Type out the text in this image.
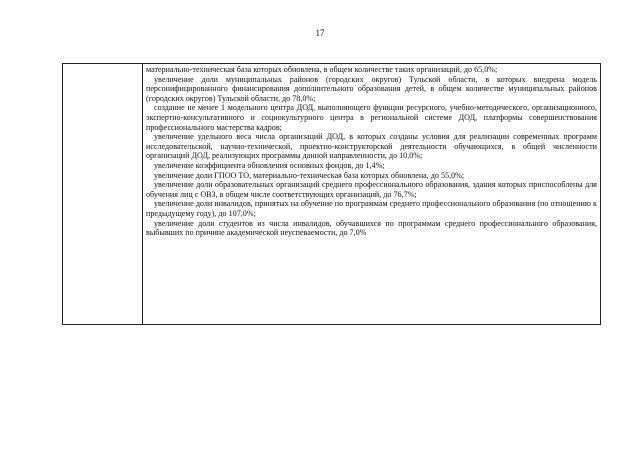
17

материально-техническая база которых обновлена, в общем количестве таких организаций, до 65,0%;

увеличение доли муниципальных районов (городских округов) Тульской области, в которых внедрена модель персонифицированного финансирования дополнительного образования детей, в общем количестве муниципальных районов (городских округов) Тульской области, до 78,0%;

создание не менее 1 модельного центра ДОД, выполняющего функции ресурсного, учебно-методического, организационного, экспертно-консультативного и социокультурного центра в региональной системе ДОД, платформы совершенствования профессионального мастерства кадров;

увеличение удельного веса числа организаций ДОД, в которых созданы условия для реализации современных программ исследовательской, научно-технической, проектно-конструкторской деятельности обучающихся, в общей численности организаций ДОД, реализующих программы данной направленности, до 10,0%;

увеличение коэффициента обновления основных фондов, до 1,4%;

увеличение доли ГПОО ТО, материально-техническая база которых обновлена, до 55,0%;

увеличение доли образовательных организаций среднего профессионального образования, здания которых приспособлены для обучения лиц с ОВЗ, в общем числе соответствующих организаций, до 76,7%;

увеличение доли инвалидов, принятых на обучение по программам среднего профессионального образования (по отношению к предыдущему году), до 107,0%;

увеличение доли студентов из числа инвалидов, обучавшихся по программам среднего профессионального образования, выбывших по причине академической неуспеваемости, до 7,0%
